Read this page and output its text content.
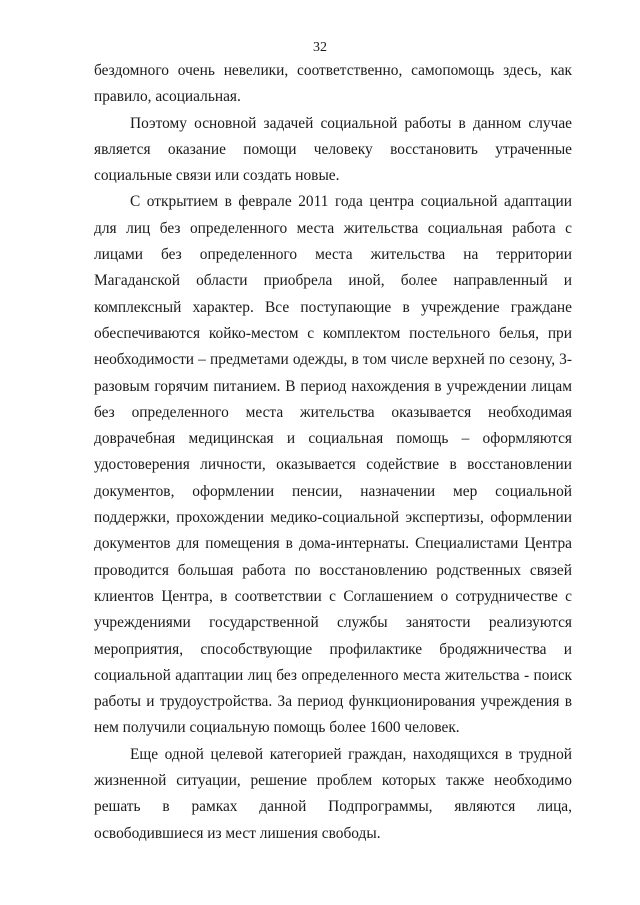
32

бездомного очень невелики, соответственно, самопомощь здесь, как правило, асоциальная.

Поэтому основной задачей социальной работы в данном случае является оказание помощи человеку восстановить утраченные социальные связи или создать новые.

С открытием в феврале 2011 года центра социальной адаптации для лиц без определенного места жительства социальная работа с лицами без определенного места жительства на территории Магаданской области приобрела иной, более направленный и комплексный характер. Все поступающие в учреждение граждане обеспечиваются койко-местом с комплектом постельного белья, при необходимости – предметами одежды, в том числе верхней по сезону, 3-разовым горячим питанием. В период нахождения в учреждении лицам без определенного места жительства оказывается необходимая доврачебная медицинская и социальная помощь – оформляются удостоверения личности, оказывается содействие в восстановлении документов, оформлении пенсии, назначении мер социальной поддержки, прохождении медико-социальной экспертизы, оформлении документов для помещения в дома-интернаты. Специалистами Центра проводится большая работа по восстановлению родственных связей клиентов Центра, в соответствии с Соглашением о сотрудничестве с учреждениями государственной службы занятости реализуются мероприятия, способствующие профилактике бродяжничества и социальной адаптации лиц без определенного места жительства - поиск работы и трудоустройства. За период функционирования учреждения в нем получили социальную помощь более 1600 человек.

Еще одной целевой категорией граждан, находящихся в трудной жизненной ситуации, решение проблем которых также необходимо решать в рамках данной Подпрограммы, являются лица, освободившиеся из мест лишения свободы.
